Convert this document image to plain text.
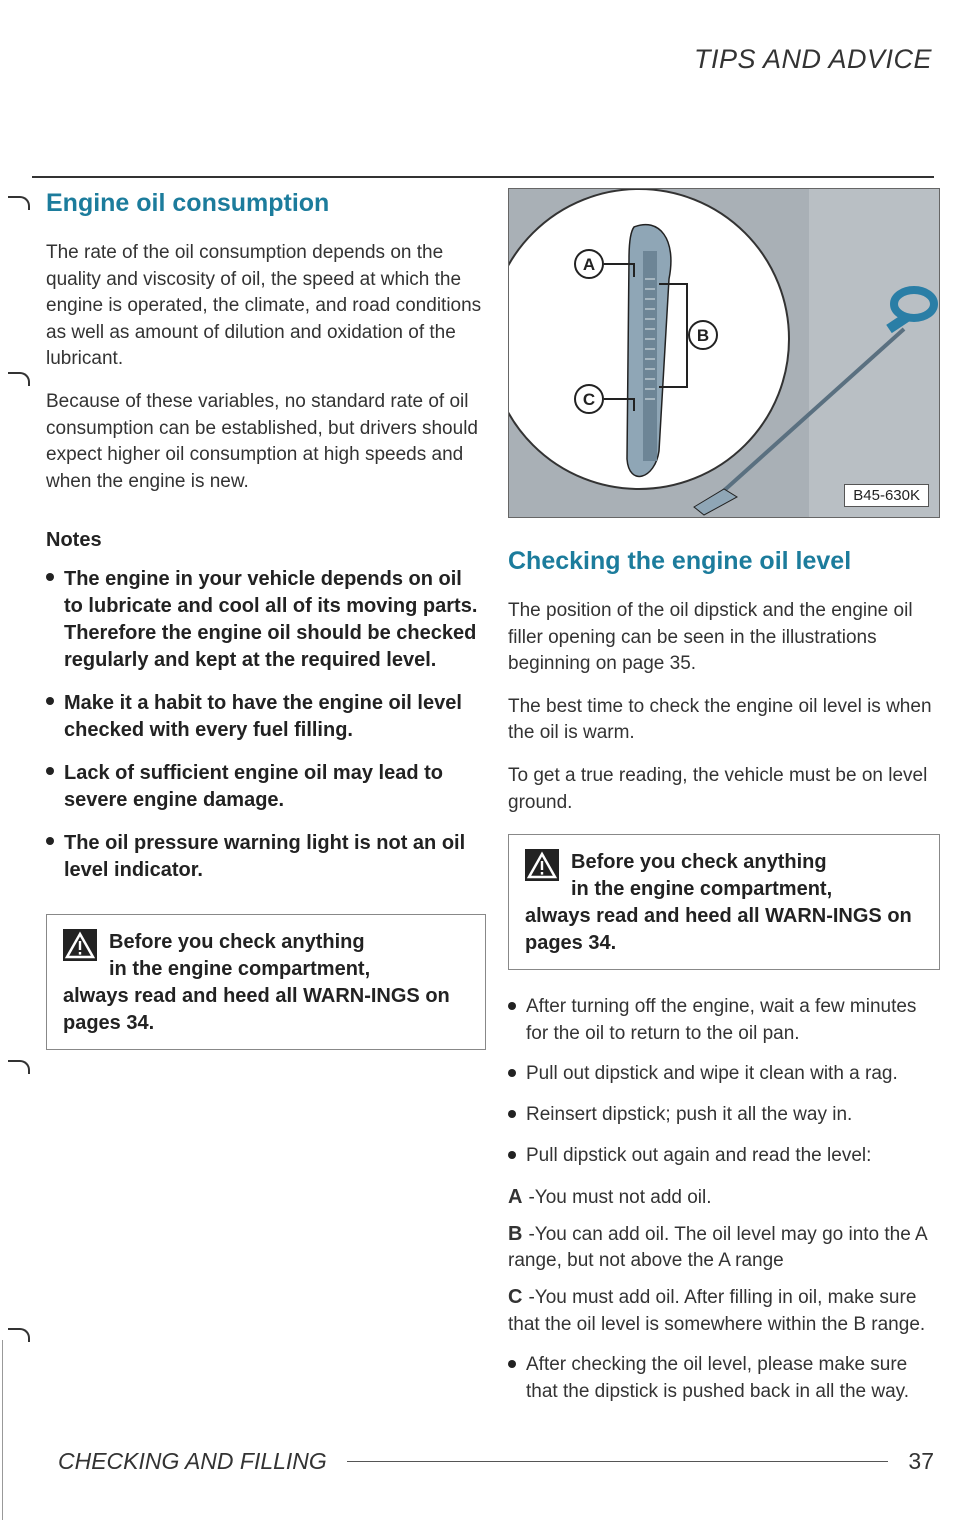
TIPS AND ADVICE
Engine oil consumption

The rate of the oil consumption depends on the quality and viscosity of oil, the speed at which the engine is operated, the climate, and road conditions as well as amount of dilution and oxidation of the lubricant.

Because of these variables, no standard rate of oil consumption can be established, but drivers should expect higher oil consumption at high speeds and when the engine is new.

Notes
The engine in your vehicle depends on oil to lubricate and cool all of its moving parts. Therefore the engine oil should be checked regularly and kept at the required level.
Make it a habit to have the engine oil level checked with every fuel filling.
Lack of sufficient engine oil may lead to severe engine damage.
The oil pressure warning light is not an oil level indicator.
Before you check anything
in the engine compartment,
always read and heed all WARN-INGS on pages 34.
A
B
C
B45-630K
Checking the engine oil level

The position of the oil dipstick and the engine oil filler opening can be seen in the illustrations beginning on page 35.

The best time to check the engine oil level is when the oil is warm.

To get a true reading, the vehicle must be on level ground.

Before you check anything
in the engine compartment,
always read and heed all WARN-INGS on pages 34.
After turning off the engine, wait a few minutes for the oil to return to the oil pan.
Pull out dipstick and wipe it clean with a rag.
Reinsert dipstick; push it all the way in.
Pull dipstick out again and read the level:
A -You must not add oil.
B -You can add oil. The oil level may go into the A range, but not above the A range
C -You must add oil. After filling in oil, make sure that the oil level is somewhere within the B range.
After checking the oil level, please make sure that the dipstick is pushed back in all the way.
CHECKING AND FILLING	37
